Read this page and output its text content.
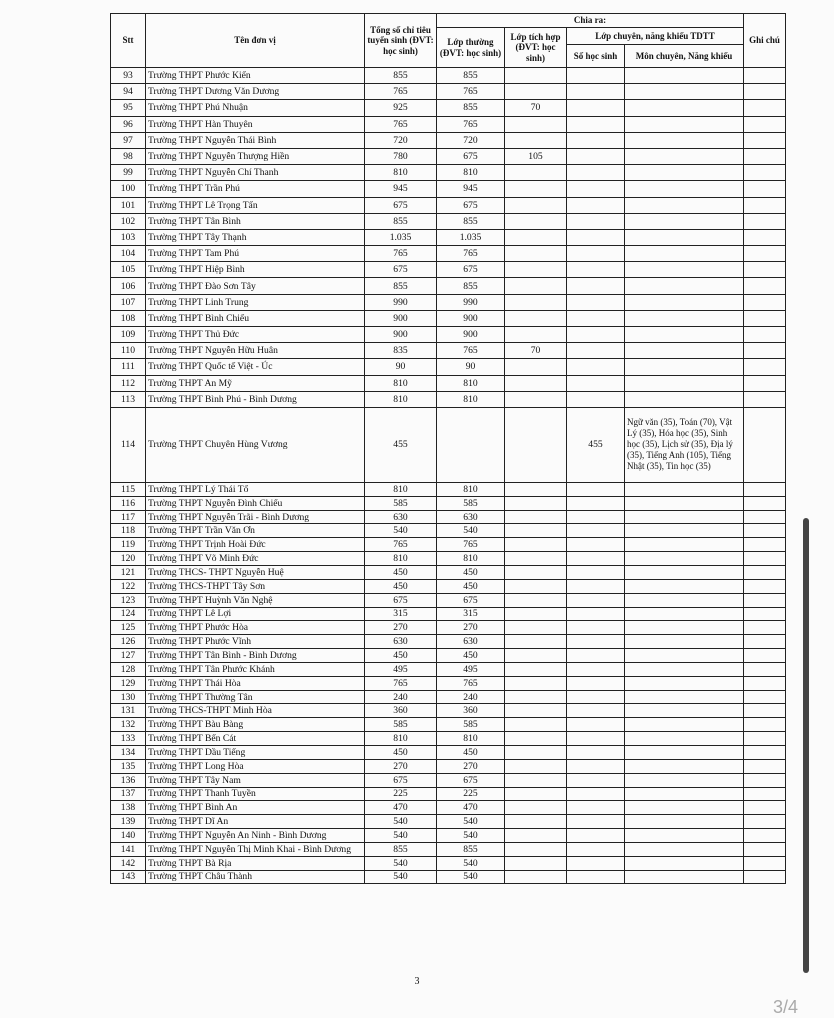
Stt	Tên đơn vị	Tổng số chỉ tiêu tuyển sinh (ĐVT: học sinh)	Chia ra:				Ghi chú
			Lớp thường (ĐVT: học sinh)	Lớp tích hợp (ĐVT: học sinh)	Lớp chuyên, năng khiếu TDTT		
					Số học sinh	Môn chuyên, Năng khiếu	
93	Trường THPT Phước Kiển	855	855				
94	Trường THPT Dương Văn Dương	765	765				
95	Trường THPT Phú Nhuận	925	855	70			
96	Trường THPT Hàn Thuyên	765	765				
97	Trường THPT Nguyễn Thái Bình	720	720				
98	Trường THPT Nguyễn Thượng Hiền	780	675	105			
99	Trường THPT Nguyễn Chí Thanh	810	810				
100	Trường THPT Trần Phú	945	945				
101	Trường THPT Lê Trọng Tấn	675	675				
102	Trường THPT Tân Bình	855	855				
103	Trường THPT Tây Thạnh	1.035	1.035				
104	Trường THPT Tam Phú	765	765				
105	Trường THPT Hiệp Bình	675	675				
106	Trường THPT Đào Sơn Tây	855	855				
107	Trường THPT Linh Trung	990	990				
108	Trường THPT Bình Chiểu	900	900				
109	Trường THPT Thủ Đức	900	900				
110	Trường THPT Nguyễn Hữu Huân	835	765	70			
111	Trường THPT Quốc tế Việt - Úc	90	90				
112	Trường THPT An Mỹ	810	810				
113	Trường THPT Bình Phú - Bình Dương	810	810				
114	Trường THPT Chuyên Hùng Vương	455			455	Ngữ văn (35), Toán (70), Vật Lý (35), Hóa học (35), Sinh học (35), Lịch sử (35), Địa lý (35), Tiếng Anh (105), Tiếng Nhật (35), Tin học (35)	
115	Trường THPT Lý Thái Tổ	810	810				
116	Trường THPT Nguyễn Đình Chiểu	585	585				
117	Trường THPT Nguyễn Trãi - Bình Dương	630	630				
118	Trường THPT Trần Văn Ơn	540	540				
119	Trường THPT Trịnh Hoài Đức	765	765				
120	Trường THPT Võ Minh Đức	810	810				
121	Trường THCS- THPT Nguyễn Huệ	450	450				
122	Trường THCS-THPT Tây Sơn	450	450				
123	Trường THPT Huỳnh Văn Nghệ	675	675				
124	Trường THPT Lê Lợi	315	315				
125	Trường THPT Phước Hòa	270	270				
126	Trường THPT Phước Vĩnh	630	630				
127	Trường THPT Tân Bình - Bình Dương	450	450				
128	Trường THPT Tân Phước Khánh	495	495				
129	Trường THPT Thái Hòa	765	765				
130	Trường THPT Thường Tân	240	240				
131	Trường THCS-THPT Minh Hòa	360	360				
132	Trường THPT Bàu Bàng	585	585				
133	Trường THPT Bến Cát	810	810				
134	Trường THPT Dầu Tiếng	450	450				
135	Trường THPT Long Hòa	270	270				
136	Trường THPT Tây Nam	675	675				
137	Trường THPT Thanh Tuyền	225	225				
138	Trường THPT Bình An	470	470				
139	Trường THPT Dĩ An	540	540				
140	Trường THPT Nguyễn An Ninh - Bình Dương	540	540				
141	Trường THPT Nguyễn Thị Minh Khai - Bình Dương	855	855				
142	Trường THPT Bà Rịa	540	540				
143	Trường THPT Châu Thành	540	540				
3
3/4
